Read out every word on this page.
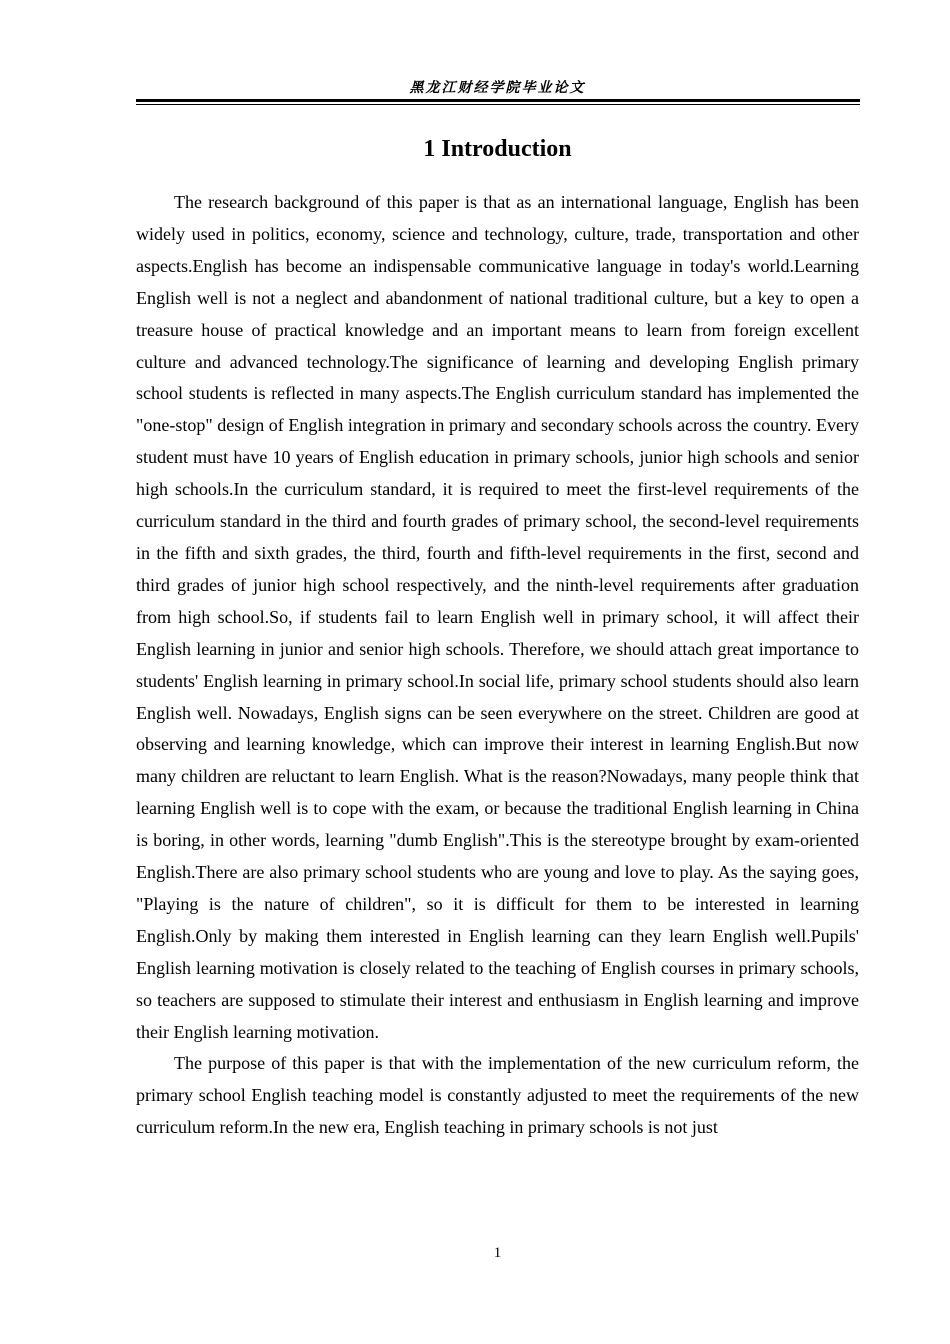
黑龙江财经学院毕业论文
1 Introduction

The research background of this paper is that as an international language, English has been widely used in politics, economy, science and technology, culture, trade, transportation and other aspects.English has become an indispensable communicative language in today's world.Learning English well is not a neglect and abandonment of national traditional culture, but a key to open a treasure house of practical knowledge and an important means to learn from foreign excellent culture and advanced technology.The significance of learning and developing English primary school students is reflected in many aspects.The English curriculum standard has implemented the "one-stop" design of English integration in primary and secondary schools across the country. Every student must have 10 years of English education in primary schools, junior high schools and senior high schools.In the curriculum standard, it is required to meet the first-level requirements of the curriculum standard in the third and fourth grades of primary school, the second-level requirements in the fifth and sixth grades, the third, fourth and fifth-level requirements in the first, second and third grades of junior high school respectively, and the ninth-level requirements after graduation from high school.So, if students fail to learn English well in primary school, it will affect their English learning in junior and senior high schools. Therefore, we should attach great importance to students' English learning in primary school.In social life, primary school students should also learn English well. Nowadays, English signs can be seen everywhere on the street. Children are good at observing and learning knowledge, which can improve their interest in learning English.But now many children are reluctant to learn English. What is the reason?Nowadays, many people think that learning English well is to cope with the exam, or because the traditional English learning in China is boring, in other words, learning "dumb English".This is the stereotype brought by exam-oriented English.There are also primary school students who are young and love to play. As the saying goes, "Playing is the nature of children", so it is difficult for them to be interested in learning English.Only by making them interested in English learning can they learn English well.Pupils' English learning motivation is closely related to the teaching of English courses in primary schools, so teachers are supposed to stimulate their interest and enthusiasm in English learning and improve their English learning motivation.

The purpose of this paper is that with the implementation of the new curriculum reform, the primary school English teaching model is constantly adjusted to meet the requirements of the new curriculum reform.In the new era, English teaching in primary schools is not just

1
